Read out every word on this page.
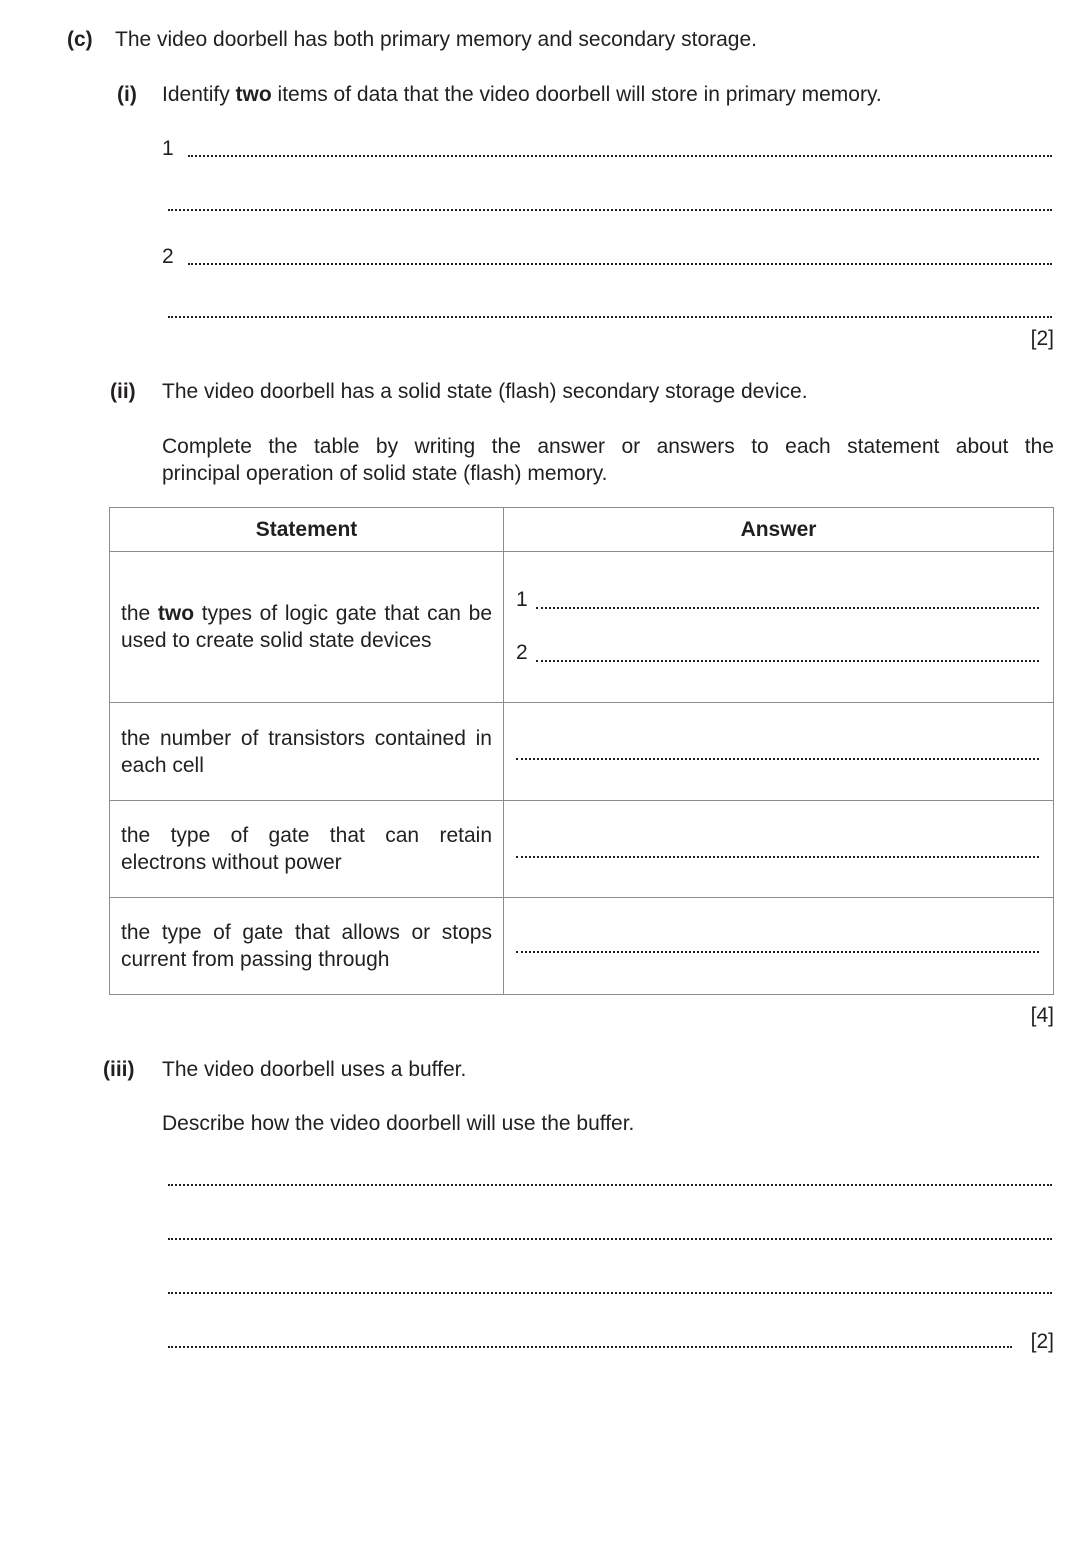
(c) The video doorbell has both primary memory and secondary storage.
(i) Identify two items of data that the video doorbell will store in primary memory.
1
2
[2]
(ii) The video doorbell has a solid state (flash) secondary storage device.
Complete the table by writing the answer or answers to each statement about the
principal operation of solid state (flash) memory.
Statement	Answer
the two types of logic gate that can be used to create solid state devices	1
2

the number of transistors contained in each cell	

the type of gate that can retain electrons without power	

the type of gate that allows or stops current from passing through	
[4]
(iii) The video doorbell uses a buffer.
Describe how the video doorbell will use the buffer.
[2]
